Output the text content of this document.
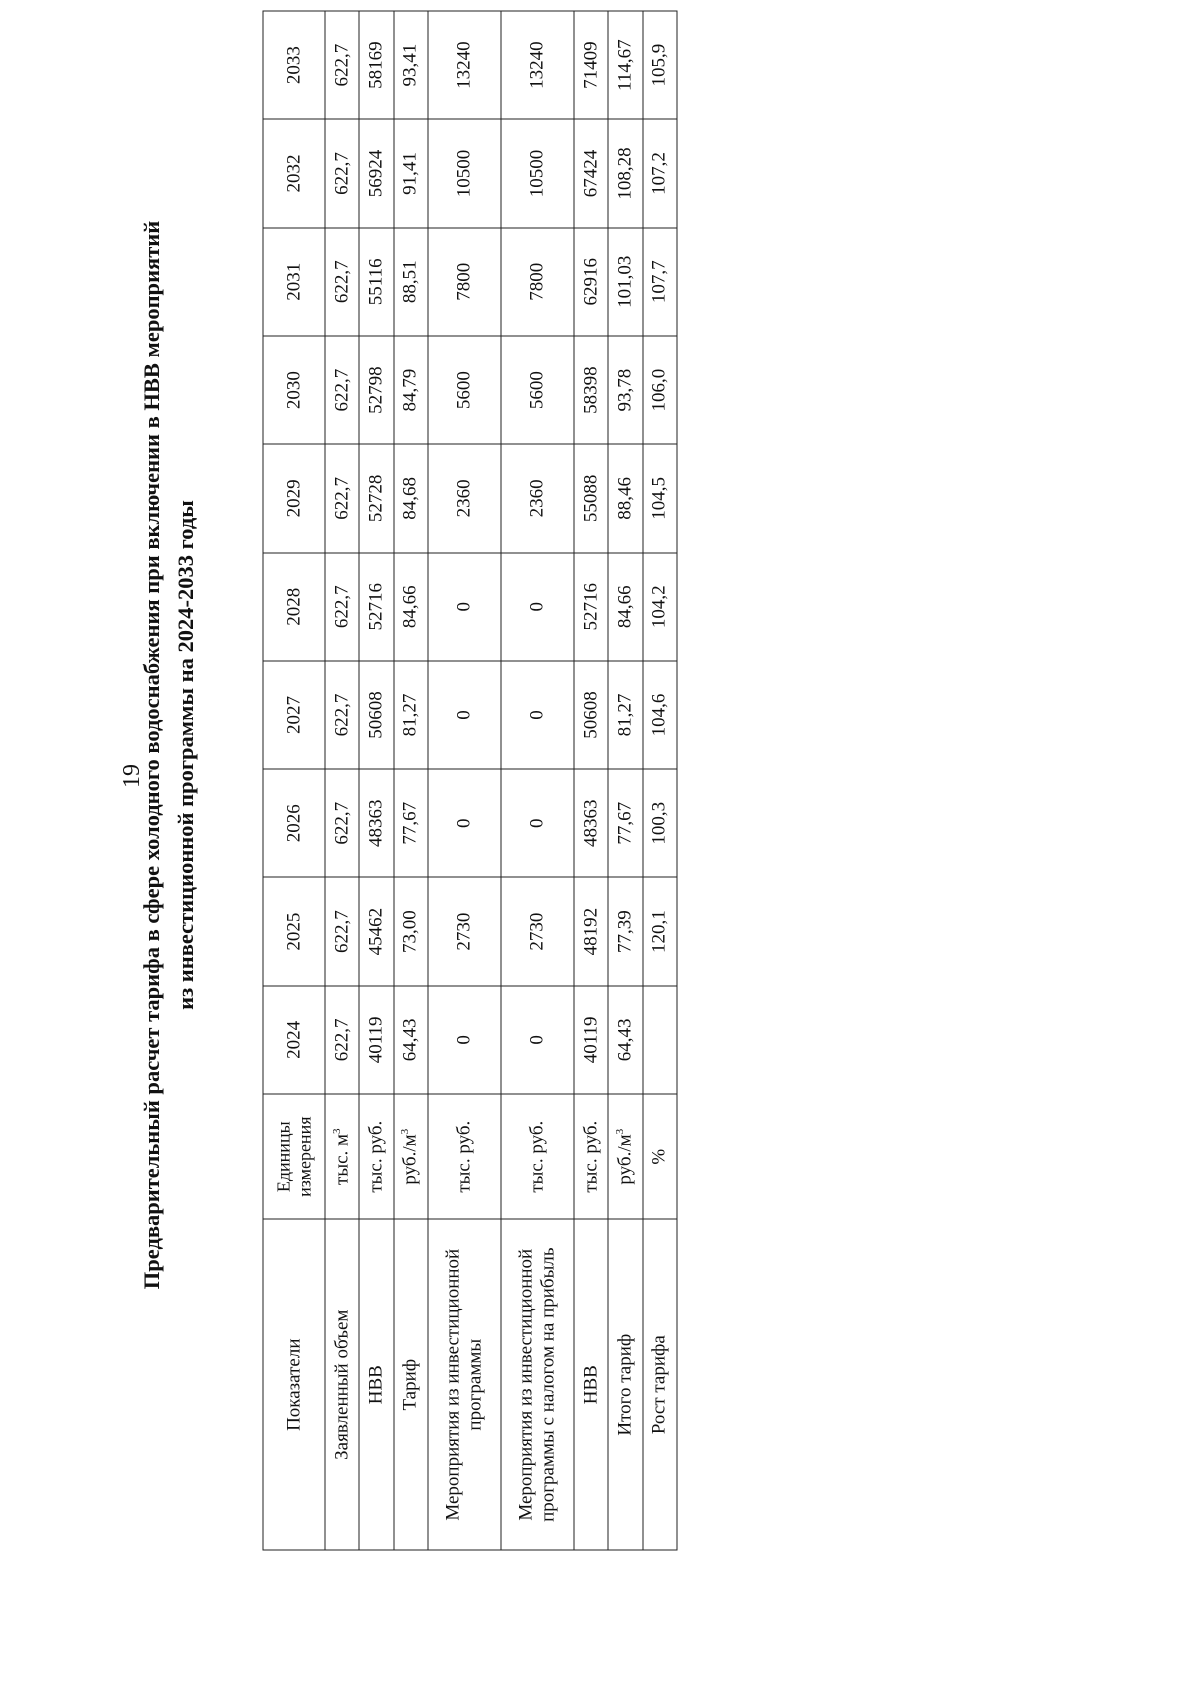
19
Предварительный расчет тарифа в сфере холодного водоснабжения при включении в НВВ мероприятий из инвестиционной программы на 2024-2033 годы
Показатели	Единицы измерения	2024	2025	2026	2027	2028	2029	2030	2031	2032	2033
Заявленный объем	тыс. $м^3$	622,7	622,7	622,7	622,7	622,7	622,7	622,7	622,7	622,7	622,7
НВВ	тыс. руб.	40119	45462	48363	50608	52716	52728	52798	55116	56924	58169
Тариф	$руб./м^3$	64,43	73,00	77,67	81,27	84,66	84,68	84,79	88,51	91,41	93,41
Мероприятия из инвестиционной программы	тыс. руб.	0	2730	0	0	0	2360	5600	7800	10500	13240
Мероприятия из инвестиционной программы с налогом на прибыль	тыс. руб.	0	2730	0	0	0	2360	5600	7800	10500	13240
НВВ	тыс. руб.	40119	48192	48363	50608	52716	55088	58398	62916	67424	71409
Итого тариф	$руб./м^3$	64,43	77,39	77,67	81,27	84,66	88,46	93,78	101,03	108,28	114,67
Рост тарифа	%		120,1	100,3	104,6	104,2	104,5	106,0	107,7	107,2	105,9
